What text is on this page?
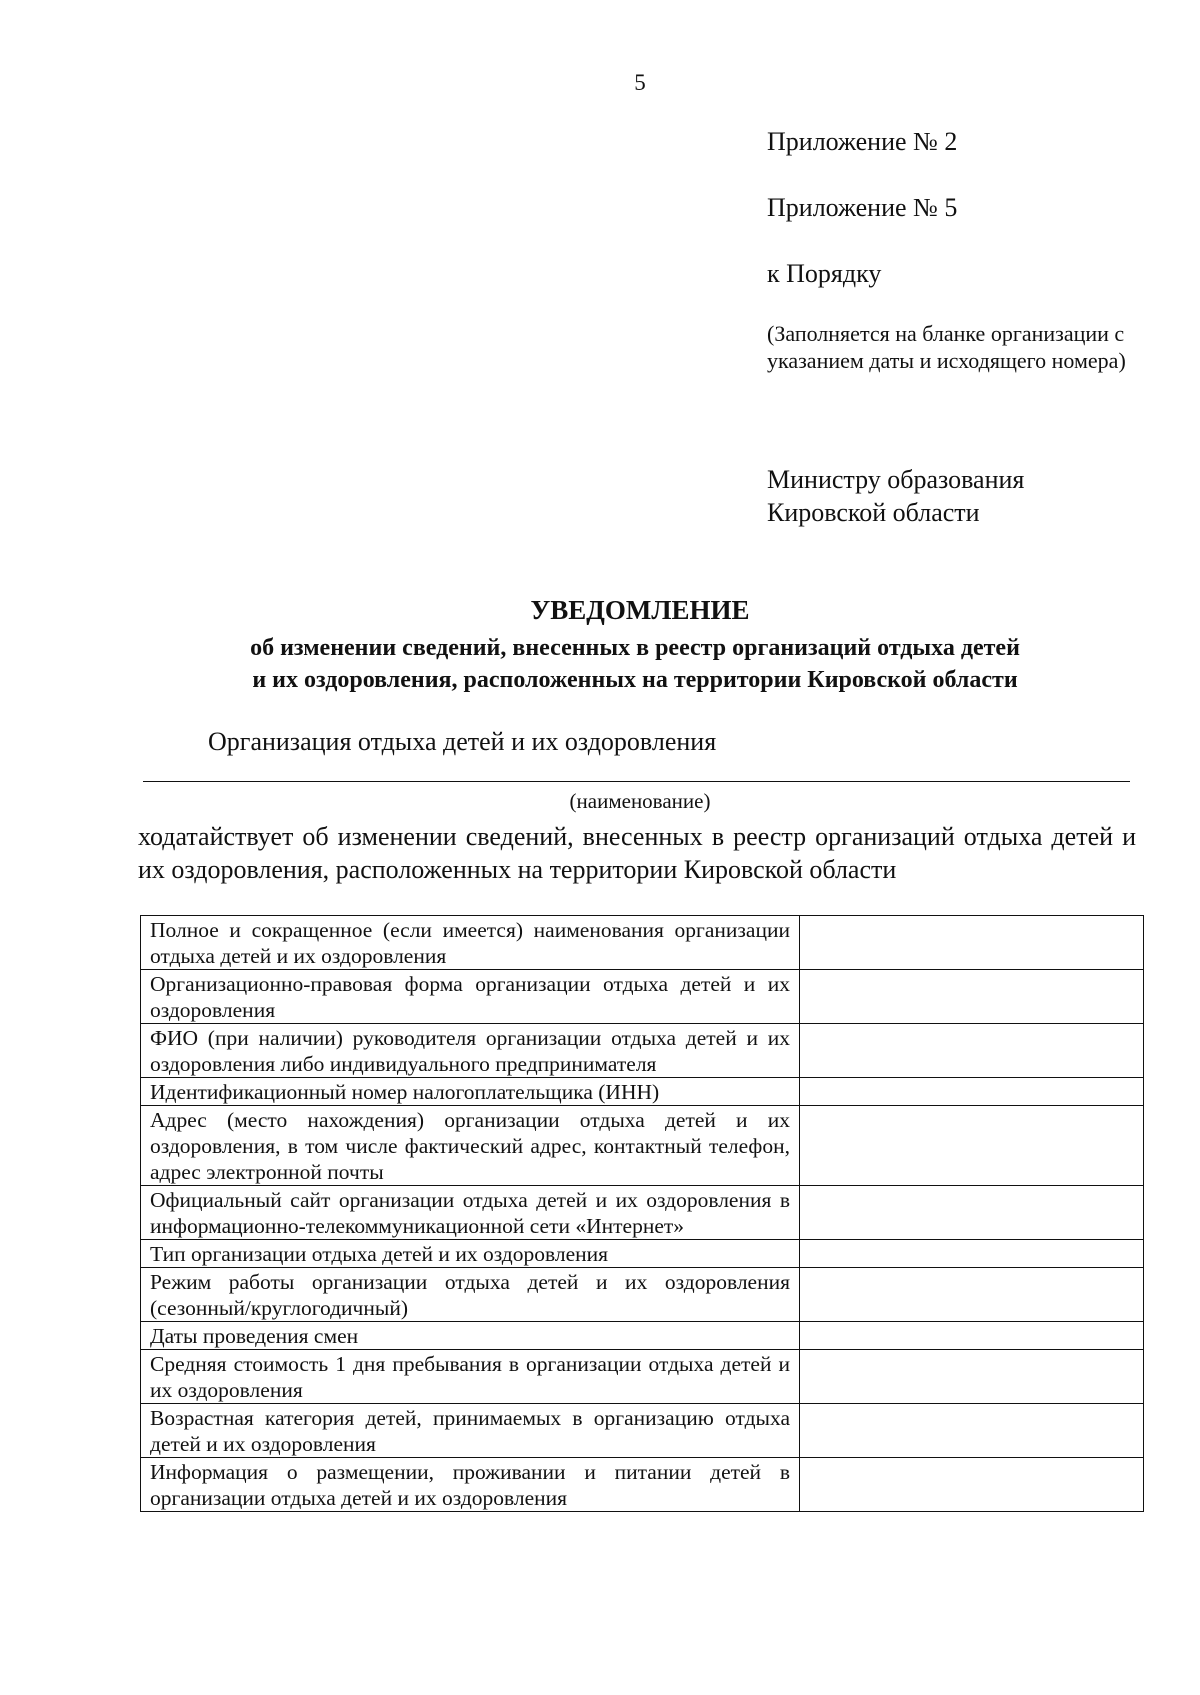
5
Приложение № 2
Приложение № 5
к Порядку
(Заполняется на бланке организации с указанием даты и исходящего номера)
Министру образования
Кировской области
УВЕДОМЛЕНИЕ
об изменении сведений, внесенных в реестр организаций отдыха детей
и их оздоровления, расположенных на территории Кировской области
Организация отдыха детей и их оздоровления
(наименование)
ходатайствует об изменении сведений, внесенных в реестр организаций отдыха детей и их оздоровления, расположенных на территории Кировской области
Полное и сокращенное (если имеется) наименования организации отдыха детей и их оздоровления	
Организационно-правовая форма организации отдыха детей и их оздоровления	
ФИО (при наличии) руководителя организации отдыха детей и их оздоровления либо индивидуального предпринимателя	
Идентификационный номер налогоплательщика (ИНН)	
Адрес (место нахождения) организации отдыха детей и их оздоровления, в том числе фактический адрес, контактный телефон, адрес электронной почты	
Официальный сайт организации отдыха детей и их оздоровления в информационно-телекоммуникационной сети «Интернет»	
Тип организации отдыха детей и их оздоровления	
Режим работы организации отдыха детей и их оздоровления (сезонный/круглогодичный)	
Даты проведения смен	
Средняя стоимость 1 дня пребывания в организации отдыха детей и их оздоровления	
Возрастная категория детей, принимаемых в организацию отдыха детей и их оздоровления	
Информация о размещении, проживании и питании детей в организации отдыха детей и их оздоровления	
